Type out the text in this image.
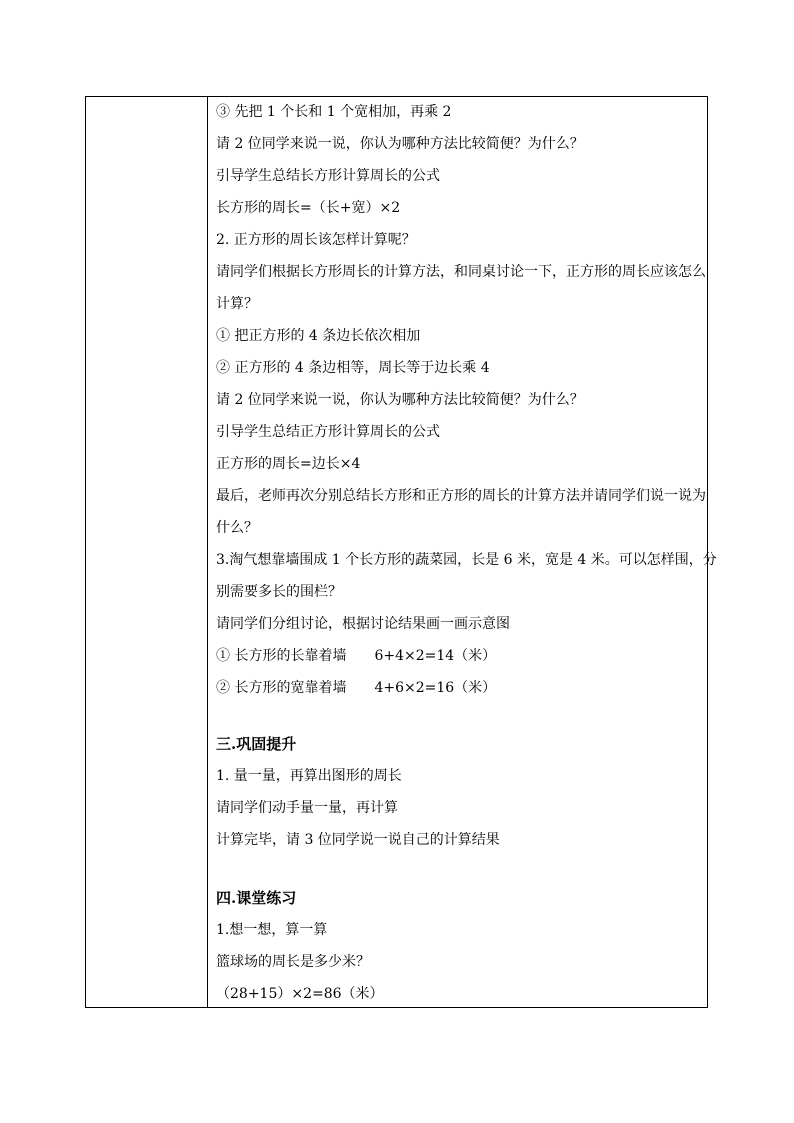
③ 先把 1 个长和 1 个宽相加，再乘 2
请 2 位同学来说一说，你认为哪种方法比较简便？为什么？
引导学生总结长方形计算周长的公式
长方形的周长=（长+宽）×2
2. 正方形的周长该怎样计算呢？
请同学们根据长方形周长的计算方法，和同桌讨论一下，正方形的周长应该怎么
计算？
① 把正方形的 4 条边长依次相加
② 正方形的 4 条边相等，周长等于边长乘 4
请 2 位同学来说一说，你认为哪种方法比较简便？为什么？
引导学生总结正方形计算周长的公式
正方形的周长=边长×4
最后，老师再次分别总结长方形和正方形的周长的计算方法并请同学们说一说为
什么？
3.淘气想靠墙围成 1 个长方形的蔬菜园，长是 6 米，宽是 4 米。可以怎样围，分
别需要多长的围栏？
请同学们分组讨论，根据讨论结果画一画示意图
① 长方形的长靠着墙 6+4×2=14（米）
② 长方形的宽靠着墙 4+6×2=16（米）
三.巩固提升
1. 量一量，再算出图形的周长
请同学们动手量一量，再计算
计算完毕，请 3 位同学说一说自己的计算结果
四.课堂练习
1.想一想，算一算
篮球场的周长是多少米？
（28+15）×2=86（米）
